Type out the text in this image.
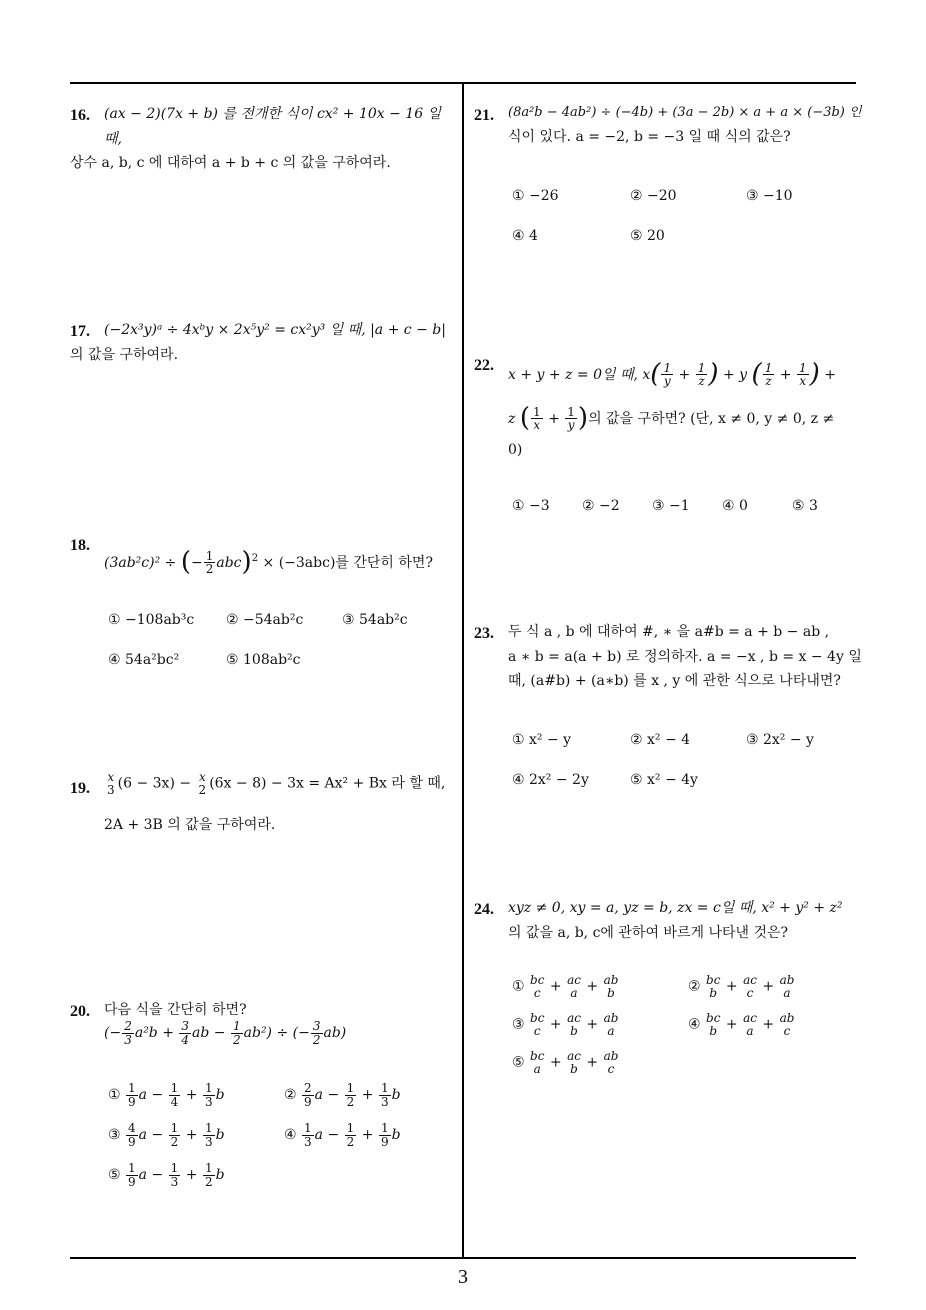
16. (ax − 2)(7x + b) 를 전개한 식이 cx² + 10x − 16 일 때,
상수 a, b, c 에 대하여 a + b + c 의 값을 구하여라.
17. (−2x³y)ᵃ ÷ 4xᵇy × 2x⁵y² = cx²y³ 일 때, |a + c − b|
의 값을 구하여라.
18.
(3ab²c)² ÷ (− $\frac{1}{2} abc)^2 \times (-3abc)$를 간단히 하면?
① −108ab³c ② −54ab²c	③ 54ab²c
④ 54a²bc²	⑤ 108ab²c
19.
x
3 (6 − 3x) − x
2 (6x − 8) − 3x = Ax² + Bx 라 할 때,
2A + 3B 의 값을 구하여라.
20. 다음 식을 간단히 하면?
(− $\frac{2}{3} a^2b + \frac{3}{4}$ ab − $\frac{1}{2} ab^2$) ÷ (− $\frac{3}{2} ab$)
① $\frac{1}{9}$ $a - \frac{1}{4} + \frac{1}{3}$ b	② $\frac{2}{9}$ $a - \frac{1}{2} + \frac{1}{3}$ b
③ $\frac{4}{9}$ $a - \frac{1}{2} + \frac{1}{3}$ b	④ $\frac{1}{3}$ $a - \frac{1}{2} + \frac{1}{9}$ b
⑤ $\frac{1}{9}$ $a - \frac{1}{3} + \frac{1}{2}$ b
21. (8a²b − 4ab²) ÷ (−4b) + (3a − 2b) × a + a × (−3b) 인
식이 있다. a = −2, b = −3 일 때 식의 값은?
① −26	② −20	③ −10
④ 4	⑤ 20
22.
x + y + z = 0일 때, $x( \frac{1}{y} + \frac{1}{z}$ ) + y ( $\frac{1}{z} + \frac{1}{x}$ ) +
z ( $\frac{1}{x} + \frac{1}{y}$ )의 값을 구하면? (단, x ≠ 0, y ≠ 0, z ≠
0)
① −3 ② −2 ③ −1 ④ 0	⑤ 3
23. 두 식 a , b 에 대하여 #, ∗ 을 a#b = a + b − ab ,
a ∗ b = a(a + b) 로 정의하자. a = −x , b = x − 4y 일
때, (a#b) + (a∗b) 를 x , y 에 관한 식으로 나타내면?
① x² − y	② x² − 4	③ 2x² − y
④ 2x² − 2y	⑤ x² − 4y
24. xyz ≠ 0, xy = a, yz = b, zx = c일 때, x² + y² + z²
의 값을 a, b, c에 관하여 바르게 나타낸 것은?
① bc
c + ac
a + ab
b	② bc
b + ac
c + ab
a
③ bc
c + ac
b + ab
a	④ bc
b + ac
a + ab
c
⑤ bc
a + ac
b + ab
c
3
